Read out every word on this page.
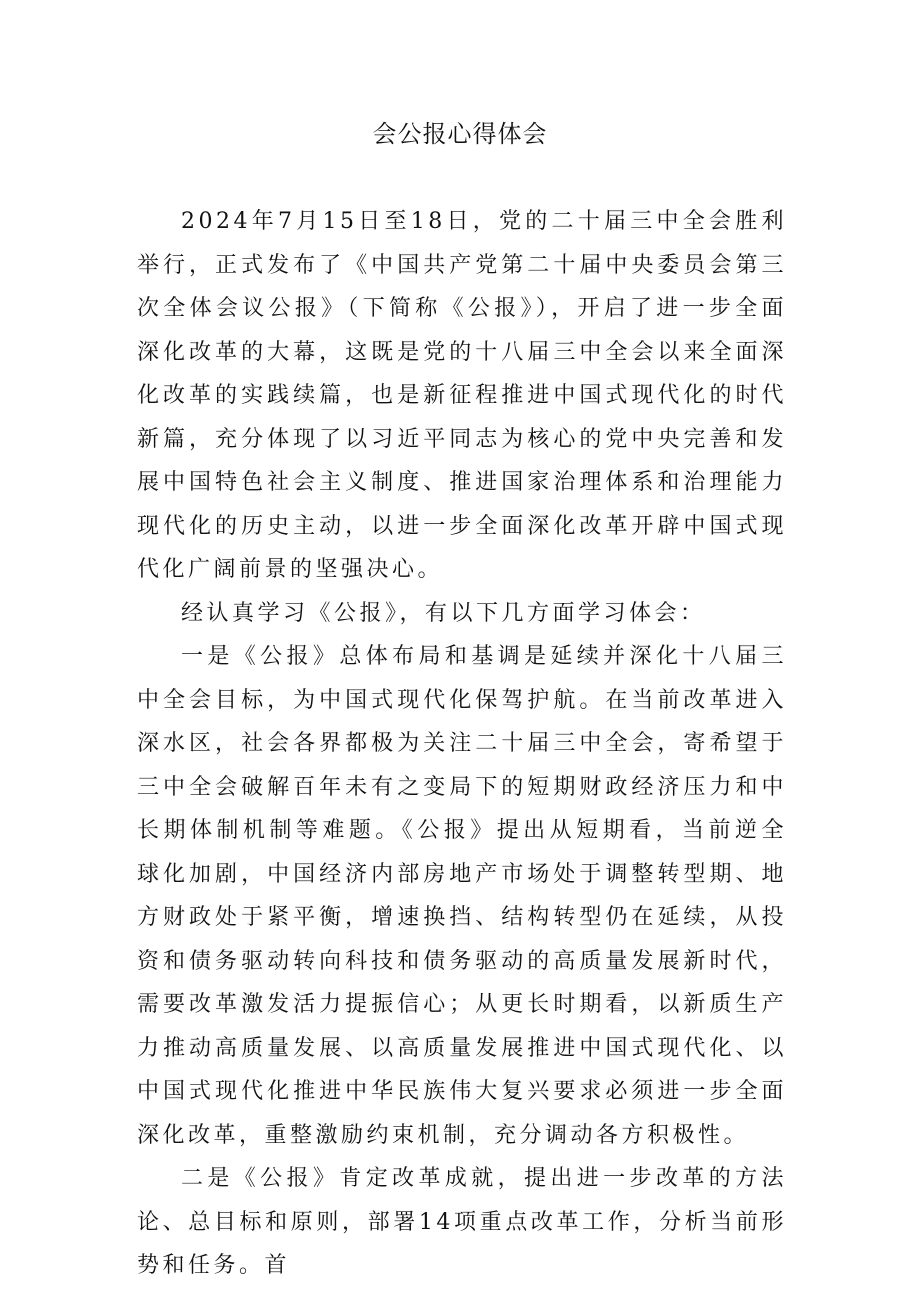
会公报心得体会

2024年7月15日至18日，党的二十届三中全会胜利举行，正式发布了《中国共产党第二十届中央委员会第三次全体会议公报》（下简称《公报》），开启了进一步全面深化改革的大幕，这既是党的十八届三中全会以来全面深化改革的实践续篇，也是新征程推进中国式现代化的时代新篇，充分体现了以习近平同志为核心的党中央完善和发展中国特色社会主义制度、推进国家治理体系和治理能力现代化的历史主动，以进一步全面深化改革开辟中国式现代化广阔前景的坚强决心。

经认真学习《公报》，有以下几方面学习体会：

一是《公报》总体布局和基调是延续并深化十八届三中全会目标，为中国式现代化保驾护航。在当前改革进入深水区，社会各界都极为关注二十届三中全会，寄希望于三中全会破解百年未有之变局下的短期财政经济压力和中长期体制机制等难题。《公报》提出从短期看，当前逆全球化加剧，中国经济内部房地产市场处于调整转型期、地方财政处于紧平衡，增速换挡、结构转型仍在延续，从投资和债务驱动转向科技和债务驱动的高质量发展新时代，需要改革激发活力提振信心；从更长时期看，以新质生产力推动高质量发展、以高质量发展推进中国式现代化、以中国式现代化推进中华民族伟大复兴要求必须进一步全面深化改革，重整激励约束机制，充分调动各方积极性。

二是《公报》肯定改革成就，提出进一步改革的方法论、总目标和原则，部署14项重点改革工作，分析当前形势和任务。首
